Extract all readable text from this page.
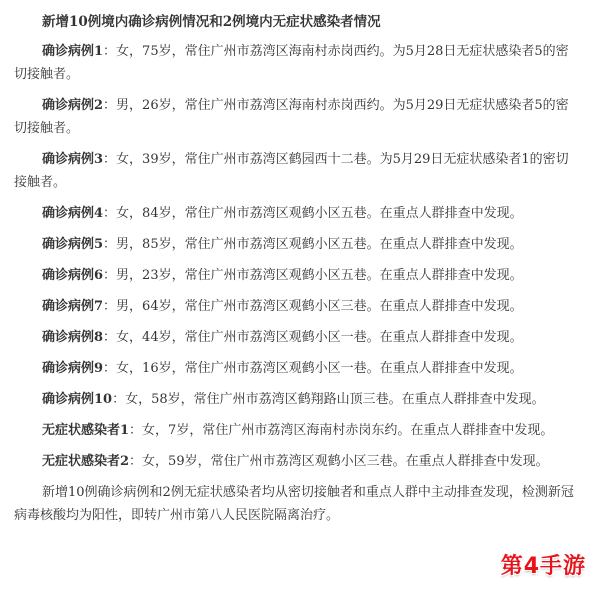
新增10例境内确诊病例情况和2例境内无症状感染者情况

确诊病例1：女，75岁，常住广州市荔湾区海南村赤岗西约。为5月28日无症状感染者5的密切接触者。

确诊病例2：男，26岁，常住广州市荔湾区海南村赤岗西约。为5月29日无症状感染者5的密切接触者。

确诊病例3：女，39岁，常住广州市荔湾区鹤园西十二巷。为5月29日无症状感染者1的密切接触者。

确诊病例4：女，84岁，常住广州市荔湾区观鹤小区五巷。在重点人群排查中发现。

确诊病例5：男，85岁，常住广州市荔湾区观鹤小区五巷。在重点人群排查中发现。

确诊病例6：男，23岁，常住广州市荔湾区观鹤小区五巷。在重点人群排查中发现。

确诊病例7：男，64岁，常住广州市荔湾区观鹤小区三巷。在重点人群排查中发现。

确诊病例8：女，44岁，常住广州市荔湾区观鹤小区一巷。在重点人群排查中发现。

确诊病例9：女，16岁，常住广州市荔湾区观鹤小区一巷。在重点人群排查中发现。

确诊病例10：女，58岁，常住广州市荔湾区鹤翔路山顶三巷。在重点人群排查中发现。

无症状感染者1：女，7岁，常住广州市荔湾区海南村赤岗东约。在重点人群排查中发现。

无症状感染者2：女，59岁，常住广州市荔湾区观鹤小区三巷。在重点人群排查中发现。

新增10例确诊病例和2例无症状感染者均从密切接触者和重点人群中主动排查发现，检测新冠病毒核酸均为阳性，即转广州市第八人民医院隔离治疗。

第4手游
